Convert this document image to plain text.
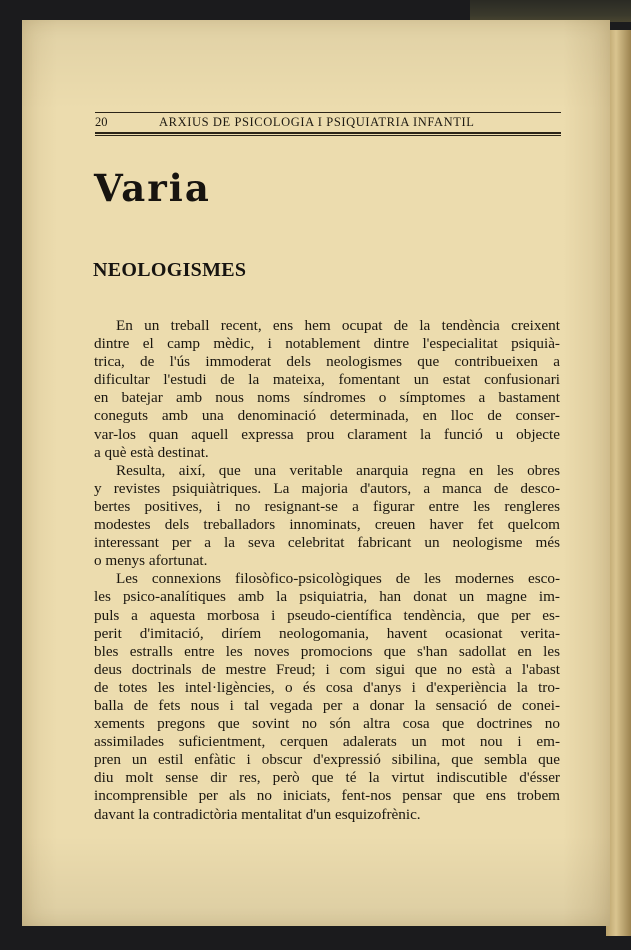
20	ARXIUS DE PSICOLOGIA I PSIQUIATRIA INFANTIL
Varia
NEOLOGISMES
En un treball recent, ens hem ocupat de la tendència creixent
dintre el camp mèdic, i notablement dintre l'especialitat psiquià-
trica, de l'ús immoderat dels neologismes que contribueixen a
dificultar l'estudi de la mateixa, fomentant un estat confusionari
en batejar amb nous noms síndromes o símptomes a bastament
coneguts amb una denominació determinada, en lloc de conser-
var-los quan aquell expressa prou clarament la funció u objecte
a què està destinat.
Resulta, així, que una veritable anarquia regna en les obres
y revistes psiquiàtriques. La majoria d'autors, a manca de desco-
bertes positives, i no resignant-se a figurar entre les rengleres
modestes dels treballadors innominats, creuen haver fet quelcom
interessant per a la seva celebritat fabricant un neologisme més
o menys afortunat.
Les connexions filosòfico-psicològiques de les modernes esco-
les psico-analítiques amb la psiquiatria, han donat un magne im-
puls a aquesta morbosa i pseudo-científica tendència, que per es-
perit d'imitació, diríem neologomania, havent ocasionat verita-
bles estralls entre les noves promocions que s'han sadollat en les
deus doctrinals de mestre Freud; i com sigui que no està a l'abast
de totes les intel·ligències, o és cosa d'anys i d'experiència la tro-
balla de fets nous i tal vegada per a donar la sensació de conei-
xements pregons que sovint no són altra cosa que doctrines no
assimilades suficientment, cerquen adalerats un mot nou i em-
pren un estil enfàtic i obscur d'expressió sibilina, que sembla que
diu molt sense dir res, però que té la virtut indiscutible d'ésser
incomprensible per als no iniciats, fent-nos pensar que ens trobem
davant la contradictòria mentalitat d'un esquizofrènic.
